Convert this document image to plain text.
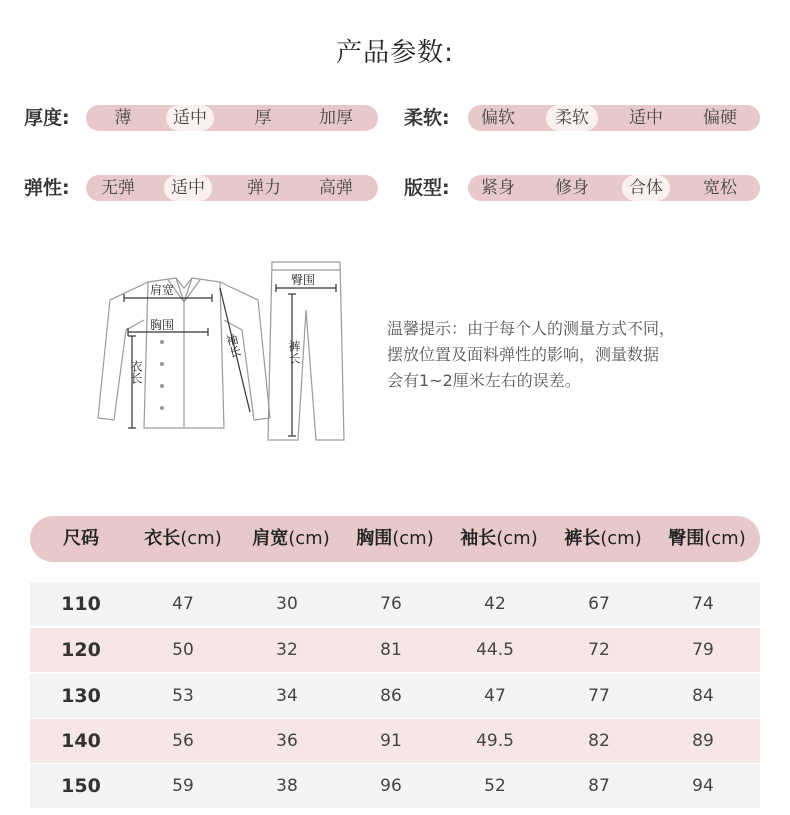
产品参数:
厚度:	薄	适中	厚	加厚	柔软:	偏软	柔软	适中	偏硬
弹性:	无弹	适中	弹力	高弹	版型:	紧身	修身	合体	宽松
肩宽
胸围
衣长
袖长
臀围
裤长
温馨提示：由于每个人的测量方式不同，
摆放位置及面料弹性的影响，测量数据
会有1~2厘米左右的误差。
尺码	衣长(cm)	肩宽(cm)	胸围(cm)	袖长(cm)	裤长(cm)	臀围(cm)
110	47	30	76	42	67	74
120	50	32	81	44.5	72	79
130	53	34	86	47	77	84
140	56	36	91	49.5	82	89
150	59	38	96	52	87	94
